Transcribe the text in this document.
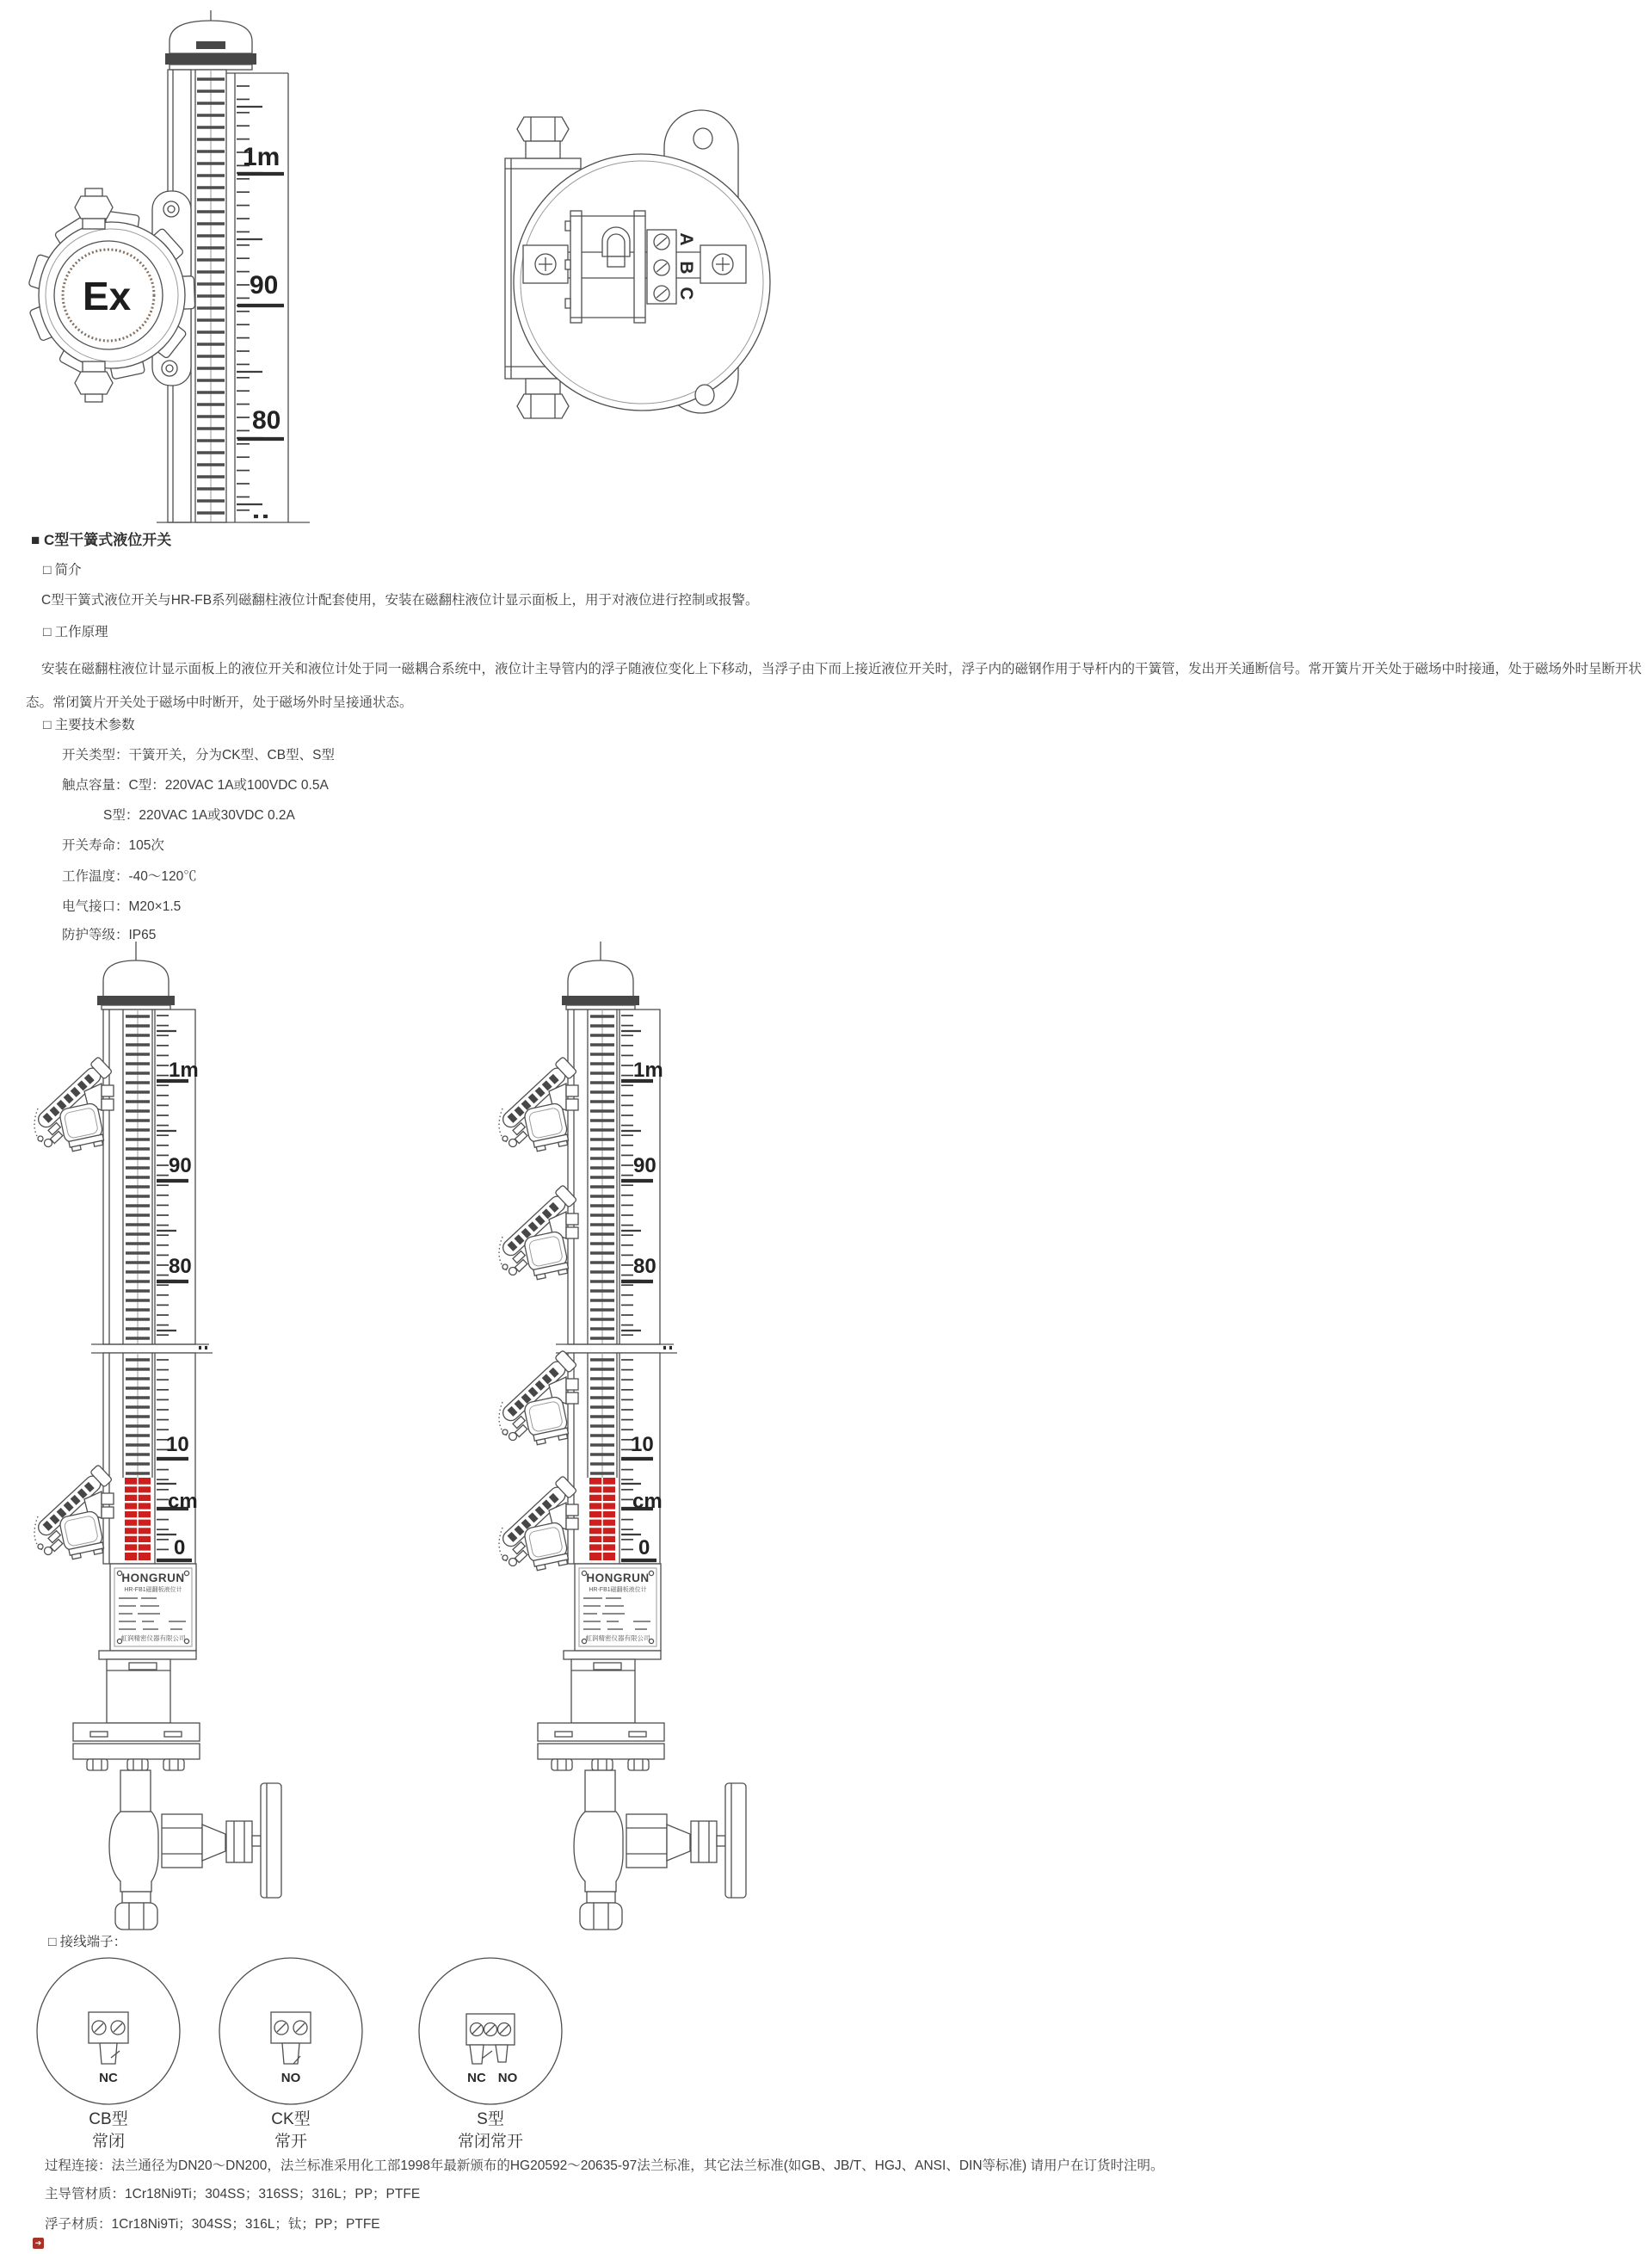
1m
90
80
Ex
A
B
C
NC
CB型
常闭
NO
CK型
常开
NC NO
S型
常闭常开
■ C型干簧式液位开关
□ 简介
C型干簧式液位开关与HR-FB系列磁翻柱液位计配套使用，安装在磁翻柱液位计显示面板上，用于对液位进行控制或报警。
□ 工作原理
安装在磁翻柱液位计显示面板上的液位开关和液位计处于同一磁耦合系统中，液位计主导管内的浮子随液位变化上下移动，当浮子由下而上接近液位开关时，浮子内的磁钢作用于导杆内的干簧管，发出开关通断信号。常开簧片开关处于磁场中时接通，处于磁场外时呈断开状态。常闭簧片开关处于磁场中时断开，处于磁场外时呈接通状态。
□ 主要技术参数
开关类型：干簧开关，分为CK型、CB型、S型
触点容量：C型：220VAC 1A或100VDC 0.5A
S型：220VAC 1A或30VDC 0.2A
开关寿命：105次
工作温度：-40～120℃
电气接口：M20×1.5
防护等级：IP65
□ 接线端子：
过程连接：法兰通径为DN20～DN200，法兰标准采用化工部1998年最新颁布的HG20592～20635-97法兰标准，其它法兰标准(如GB、JB/T、HGJ、ANSI、DIN等标准) 请用户在订货时注明。
主导管材质：1Cr18Ni9Ti；304SS；316SS；316L；PP；PTFE
浮子材质：1Cr18Ni9Ti；304SS；316L；钛；PP；PTFE
➔
